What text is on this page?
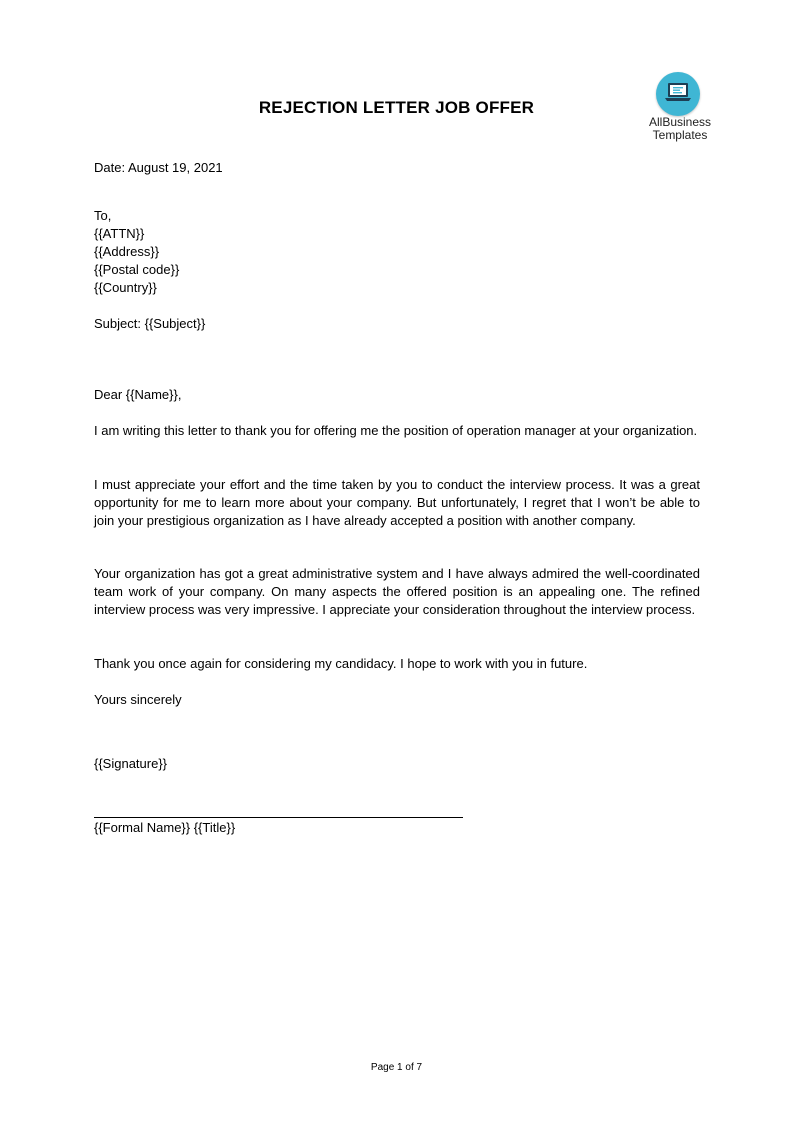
REJECTION LETTER JOB OFFER
AllBusiness
Templates
Date: August 19, 2021
To,
{{ATTN}}
{{Address}}
{{Postal code}}
{{Country}}
Subject: {{Subject}}
Dear {{Name}},
I am writing this letter to thank you for offering me the position of operation manager at your organization.
I must appreciate your effort and the time taken by you to conduct the interview process. It was a great opportunity for me to learn more about your company. But unfortunately, I regret that I won’t be able to join your prestigious organization as I have already accepted a position with another company.
Your organization has got a great administrative system and I have always admired the well-coordinated team work of your company. On many aspects the offered position is an appealing one. The refined interview process was very impressive. I appreciate your consideration throughout the interview process.
Thank you once again for considering my candidacy. I hope to work with you in future.
Yours sincerely
{{Signature}}
{{Formal Name}} {{Title}}
Page 1 of 7
